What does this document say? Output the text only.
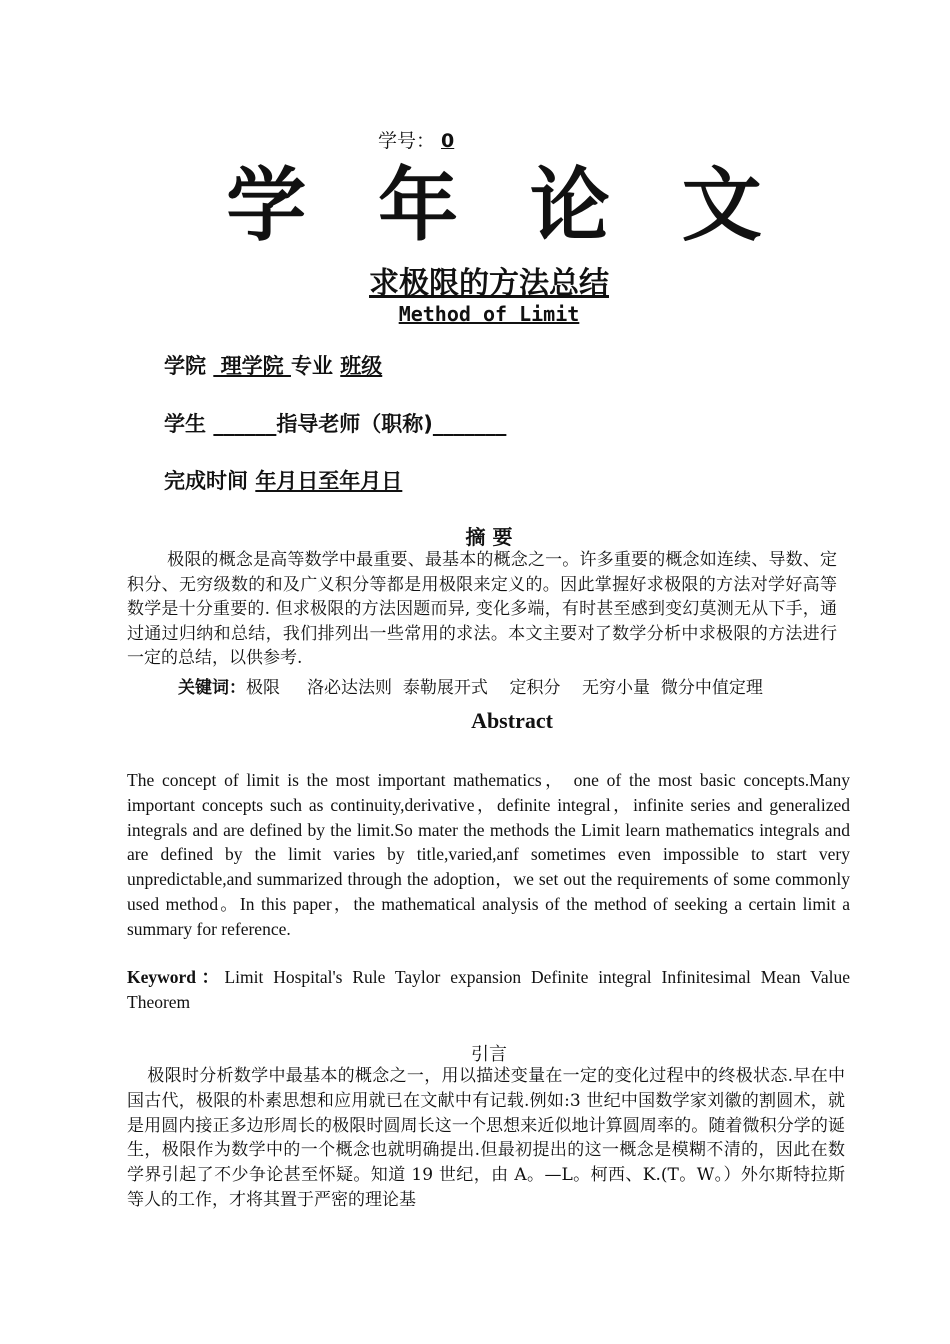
学号： 0
学 年 论 文
求极限的方法总结
Method of Limit
学院  理学院 专业 班级
学生 ______指导老师（职称)_______
完成时间 年月日至年月日
摘 要
极限的概念是高等数学中最重要、最基本的概念之一。许多重要的概念如连续、导数、定积分、无穷级数的和及广义积分等都是用极限来定义的。因此掌握好求极限的方法对学好高等数学是十分重要的. 但求极限的方法因题而异, 变化多端，有时甚至感到变幻莫测无从下手，通过通过归纳和总结，我们排列出一些常用的求法。本文主要对了数学分析中求极限的方法进行一定的总结，以供参考.
关键词：极限     洛必达法则  泰勒展开式    定积分    无穷小量  微分中值定理
Abstract
The concept of limit is the most important mathematics， one of the most basic concepts.Many important concepts such as continuity,derivative，definite integral，infinite series and generalized integrals and are defined by the limit.So mater the methods the Limit learn mathematics integrals and are defined by the limit varies by title,varied,anf sometimes even impossible to start very unpredictable,and summarized through the adoption，we set out the requirements of some commonly used method。In this paper，the mathematical analysis of the method of seeking a certain limit a summary for reference.
Keyword：Limit Hospital's Rule Taylor expansion Definite integral Infinitesimal Mean Value Theorem
引言
极限时分析数学中最基本的概念之一，用以描述变量在一定的变化过程中的终极状态.早在中国古代，极限的朴素思想和应用就已在文献中有记载.例如:3 世纪中国数学家刘徽的割圆术，就是用圆内接正多边形周长的极限时圆周长这一个思想来近似地计算圆周率的。随着微积分学的诞生，极限作为数学中的一个概念也就明确提出.但最初提出的这一概念是模糊不清的，因此在数学界引起了不少争论甚至怀疑。知道 19 世纪，由 A。—L。柯西、K.(T。W。）外尔斯特拉斯等人的工作，才将其置于严密的理论基
